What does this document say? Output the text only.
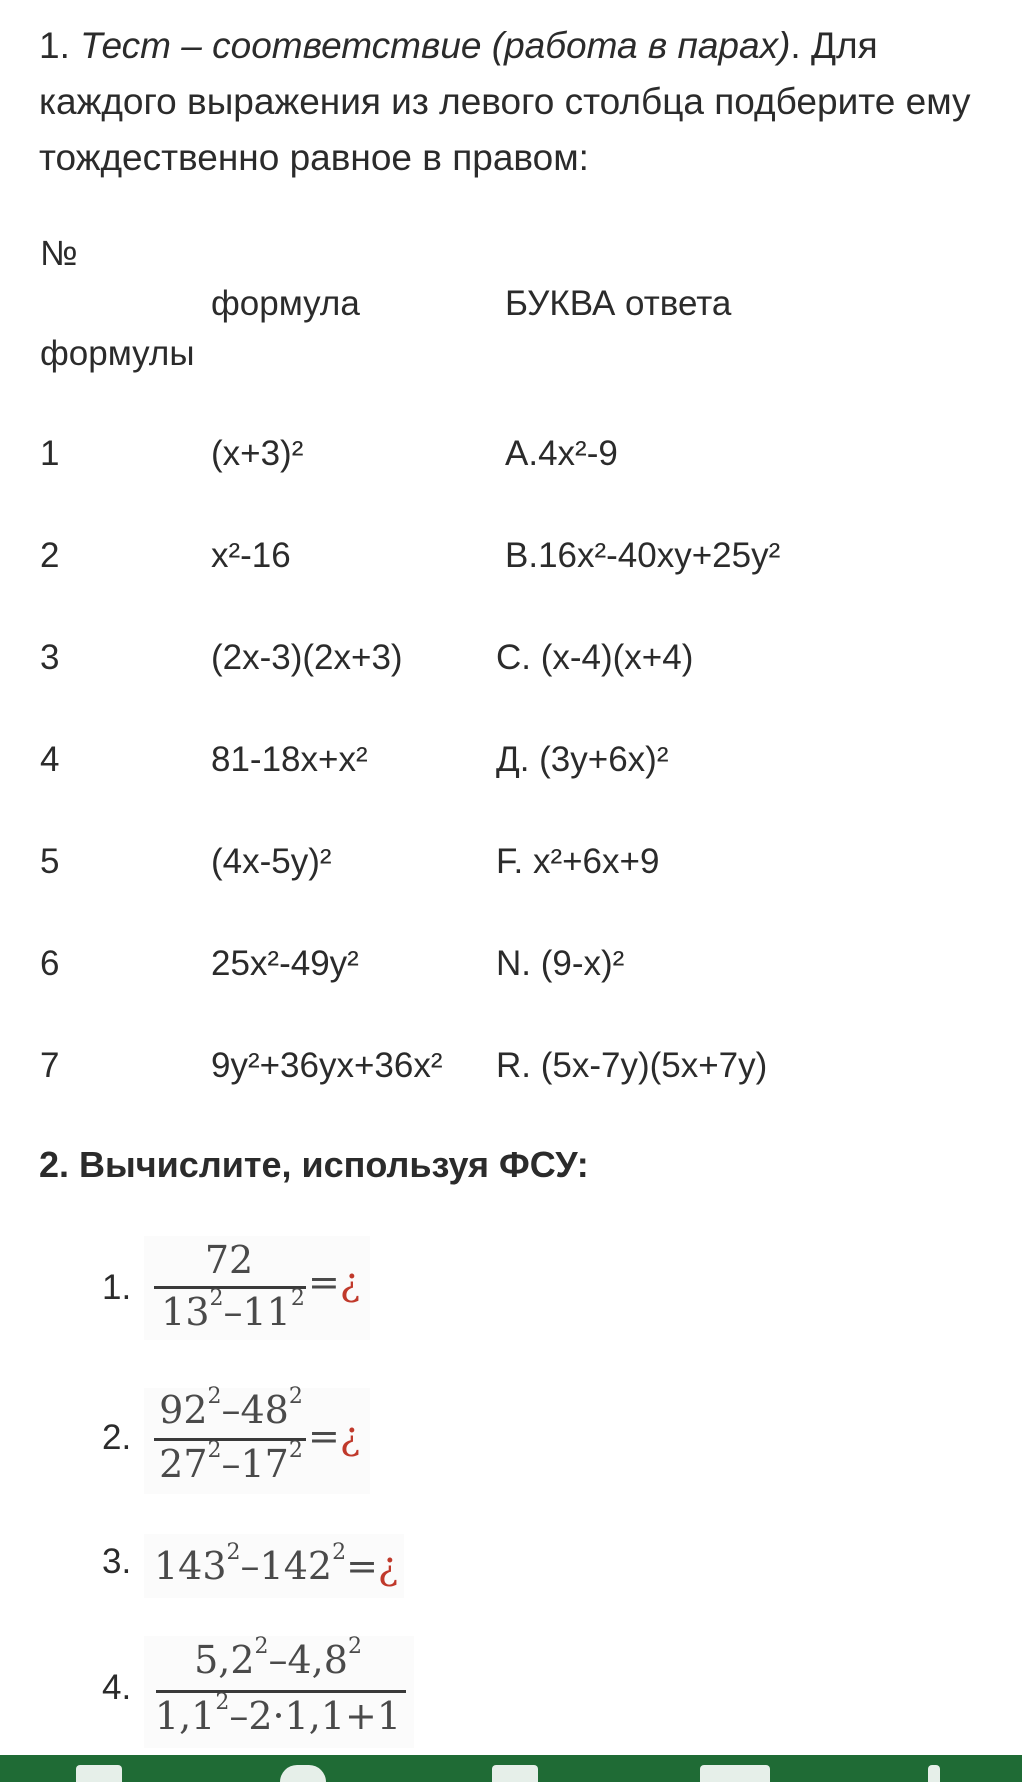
1. Тест – соответствие (работа в парах). Для каждого выражения из левого столбца подберите ему тождественно равное в правом:
№
формулы
формула	БУКВА ответа
1	(x+3)²	A.4x²-9
2	x²-16	B.16x²-40xy+25y²
3	(2x-3)(2x+3)	C. (x-4)(x+4)
4	81-18x+x²	Д. (3y+6x)²
5	(4x-5y)²	F. x²+6x+9
6	25x²-49y²	N. (9-x)²
7	9y²+36yx+36x² R. (5x-7y)(5x+7y)
2. Вычислите, используя ФСУ:
1.
72
$13^2-11^2$ =¿
2.
$92^2-48^2$
$27^2-17^2$ =¿
3. $143^2-142^2=¿$
4.
$5,2^2-4,8^2$
$1,1^2-2\cdot 1,1+1$
